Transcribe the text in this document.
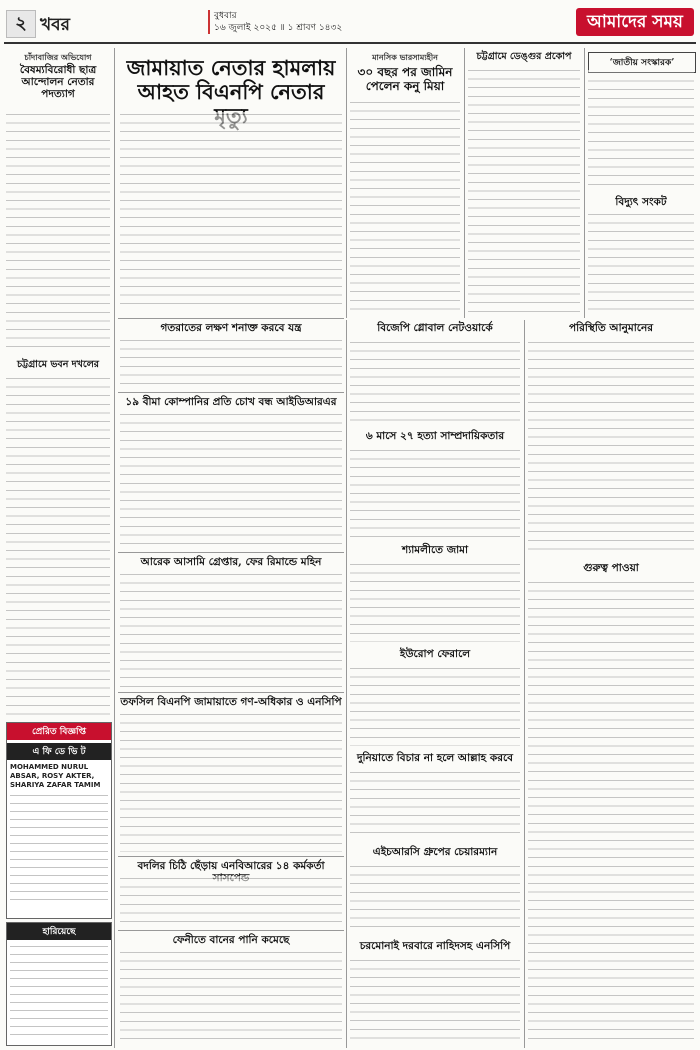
২ খবর	বুধবার
১৬ জুলাই ২০২৫ ॥ ১ শ্রাবণ ১৪৩২	আমাদের সময়
চাঁদাবাজির অভিযোগ
বৈষম্যবিরোধী ছাত্র আন্দোলন নেতার পদত্যাগ
চট্টগ্রামে ভবন দখলের
প্রেরিত বিজ্ঞপ্তি
এ ফি ডে ভি ট
MOHAMMED NURUL ABSAR, ROSY AKTER, SHARIYA ZAFAR TAMIM
হারিয়েছে
জামায়াত নেতার হামলায় আহত বিএনপি নেতার
মানসিক ভারসাম্যহীন
৩০ বছর পর জামিন পেলেন কনু মিয়া
গতরাতের লক্ষণ শনাক্ত করবে যন্ত্র
১৯ বীমা কোম্পানির প্রতি চোখ বন্ধ আইডিআরএর
আরেক আসামি গ্রেপ্তার, ফের রিমান্ডে মহিন
তফসিল বিএনপি জামায়াতে গণ-অধিকার ও এনসিপি
বদলির চিঠি ছেঁড়ায় এনবিআরের ১৪ কর্মকর্তা
ফেনীতে বানের পানি কমেছে
বিজেপি গ্লোবাল নেটওয়ার্কে
৬ মাসে ২৭ হত্যা সাম্প্রদায়িকতার
শ্যামলীতে জামা
ইউরোপ ফেরালে
দুনিয়াতে বিচার না হলে আল্লাহ করবে
এইচআরসি গ্রুপের চেয়ারম্যান
চরমোনাই দরবারে নাহিদসহ এনসিপি
চট্টগ্রামে ডেঙ্গুর প্রকোপ
‘জাতীয় সংস্কারক’
বিদ্যুৎ সংকট
পরিস্থিতি আনুমানের
গুরুত্ব পাওয়া
